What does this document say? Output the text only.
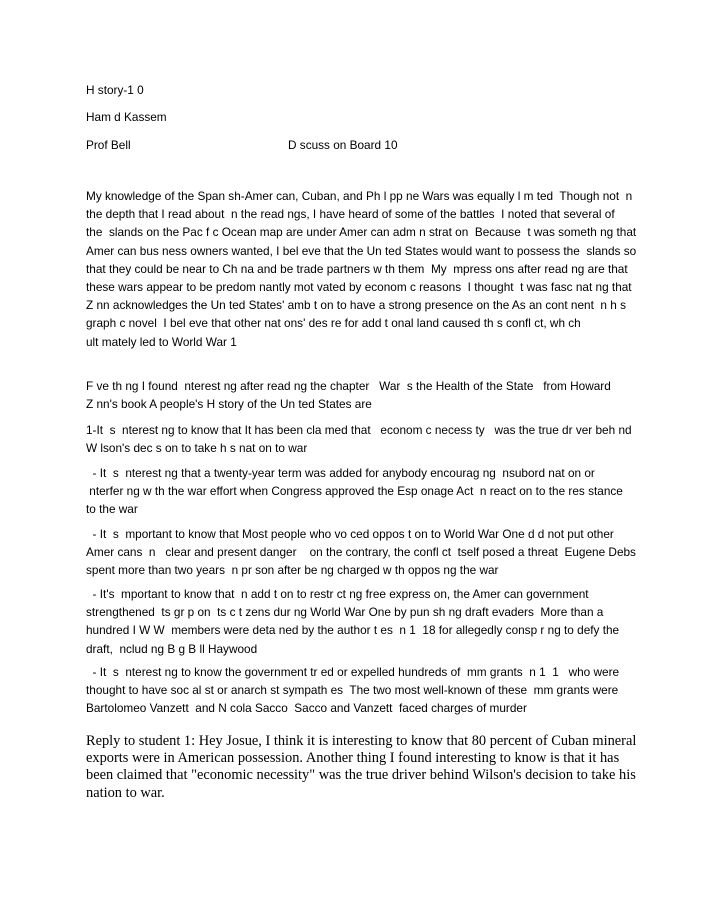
H story-1 0
Ham d Kassem
Prof Bell	D scuss on Board 10
My knowledge of the Span sh-Amer can, Cuban, and Ph l pp ne Wars was equally l m ted  Though not  n
the depth that I read about  n the read ngs, I have heard of some of the battles  I noted that several of
the  slands on the Pac f c Ocean map are under Amer can adm n strat on  Because  t was someth ng that
Amer can bus ness owners wanted, I bel eve that the Un ted States would want to possess the  slands so
that they could be near to Ch na and be trade partners w th them  My  mpress ons after read ng are that
these wars appear to be predom nantly mot vated by econom c reasons  I thought  t was fasc nat ng that
Z nn acknowledges the Un ted States' amb t on to have a strong presence on the As an cont nent  n h s
graph c novel  I bel eve that other nat ons' des re for add t onal land caused th s confl ct, wh ch
ult mately led to World War 1
F ve th ng I found  nterest ng after read ng the chapter   War  s the Health of the State   from Howard
Z nn's book A people's H story of the Un ted States are
1-It  s  nterest ng to know that It has been cla med that   econom c necess ty   was the true dr ver beh nd
W lson's dec s on to take h s nat on to war
- It  s  nterest ng that a twenty-year term was added for anybody encourag ng  nsubord nat on or
nterfer ng w th the war effort when Congress approved the Esp onage Act  n react on to the res stance
to the war
- It  s  mportant to know that Most people who vo ced oppos t on to World War One d d not put other
Amer cans  n   clear and present danger    on the contrary, the confl ct  tself posed a threat  Eugene Debs
spent more than two years  n pr son after be ng charged w th oppos ng the war
- It's  mportant to know that  n add t on to restr ct ng free express on, the Amer can government
strengthened  ts gr p on  ts c t zens dur ng World War One by pun sh ng draft evaders  More than a
hundred I W W  members were deta ned by the author t es  n 1  18 for allegedly consp r ng to defy the
draft,  nclud ng B g B ll Haywood
- It  s  nterest ng to know the government tr ed or expelled hundreds of  mm grants  n 1  1   who were
thought to have soc al st or anarch st sympath es  The two most well-known of these  mm grants were
Bartolomeo Vanzett  and N cola Sacco  Sacco and Vanzett  faced charges of murder
Reply to student 1: Hey Josue, I think it is interesting to know that 80 percent of Cuban mineral
exports were in American possession. Another thing I found interesting to know is that it has
been claimed that "economic necessity" was the true driver behind Wilson's decision to take his
nation to war.
